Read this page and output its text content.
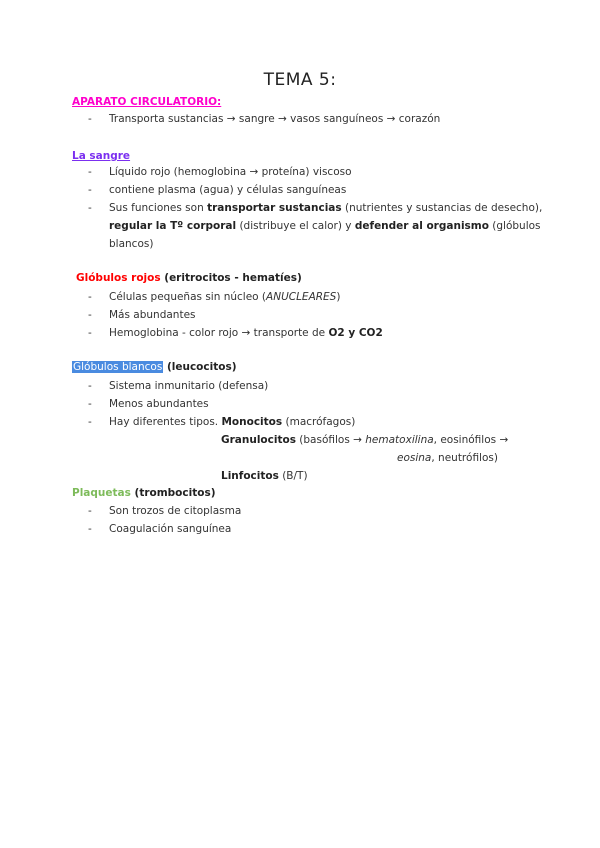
TEMA 5:
APARATO CIRCULATORIO:
- Transporta sustancias → sangre → vasos sanguíneos → corazón
La sangre
- Líquido rojo (hemoglobina → proteína) viscoso
- contiene plasma (agua) y células sanguíneas
- Sus funciones son transportar sustancias (nutrientes y sustancias de desecho),
regular la Tº corporal (distribuye el calor) y defender al organismo (glóbulos
blancos)
Glóbulos rojos (eritrocitos - hematíes)
- Células pequeñas sin núcleo (ANUCLEARES)
- Más abundantes
- Hemoglobina - color rojo → transporte de O2 y CO2
Glóbulos blancos (leucocitos)
- Sistema inmunitario (defensa)
- Menos abundantes
- Hay diferentes tipos. Monocitos (macrófagos)
Granulocitos (basófilos → hematoxilina, eosinófilos →
eosina, neutrófilos)
Linfocitos (B/T)
Plaquetas (trombocitos)
- Son trozos de citoplasma
- Coagulación sanguínea
